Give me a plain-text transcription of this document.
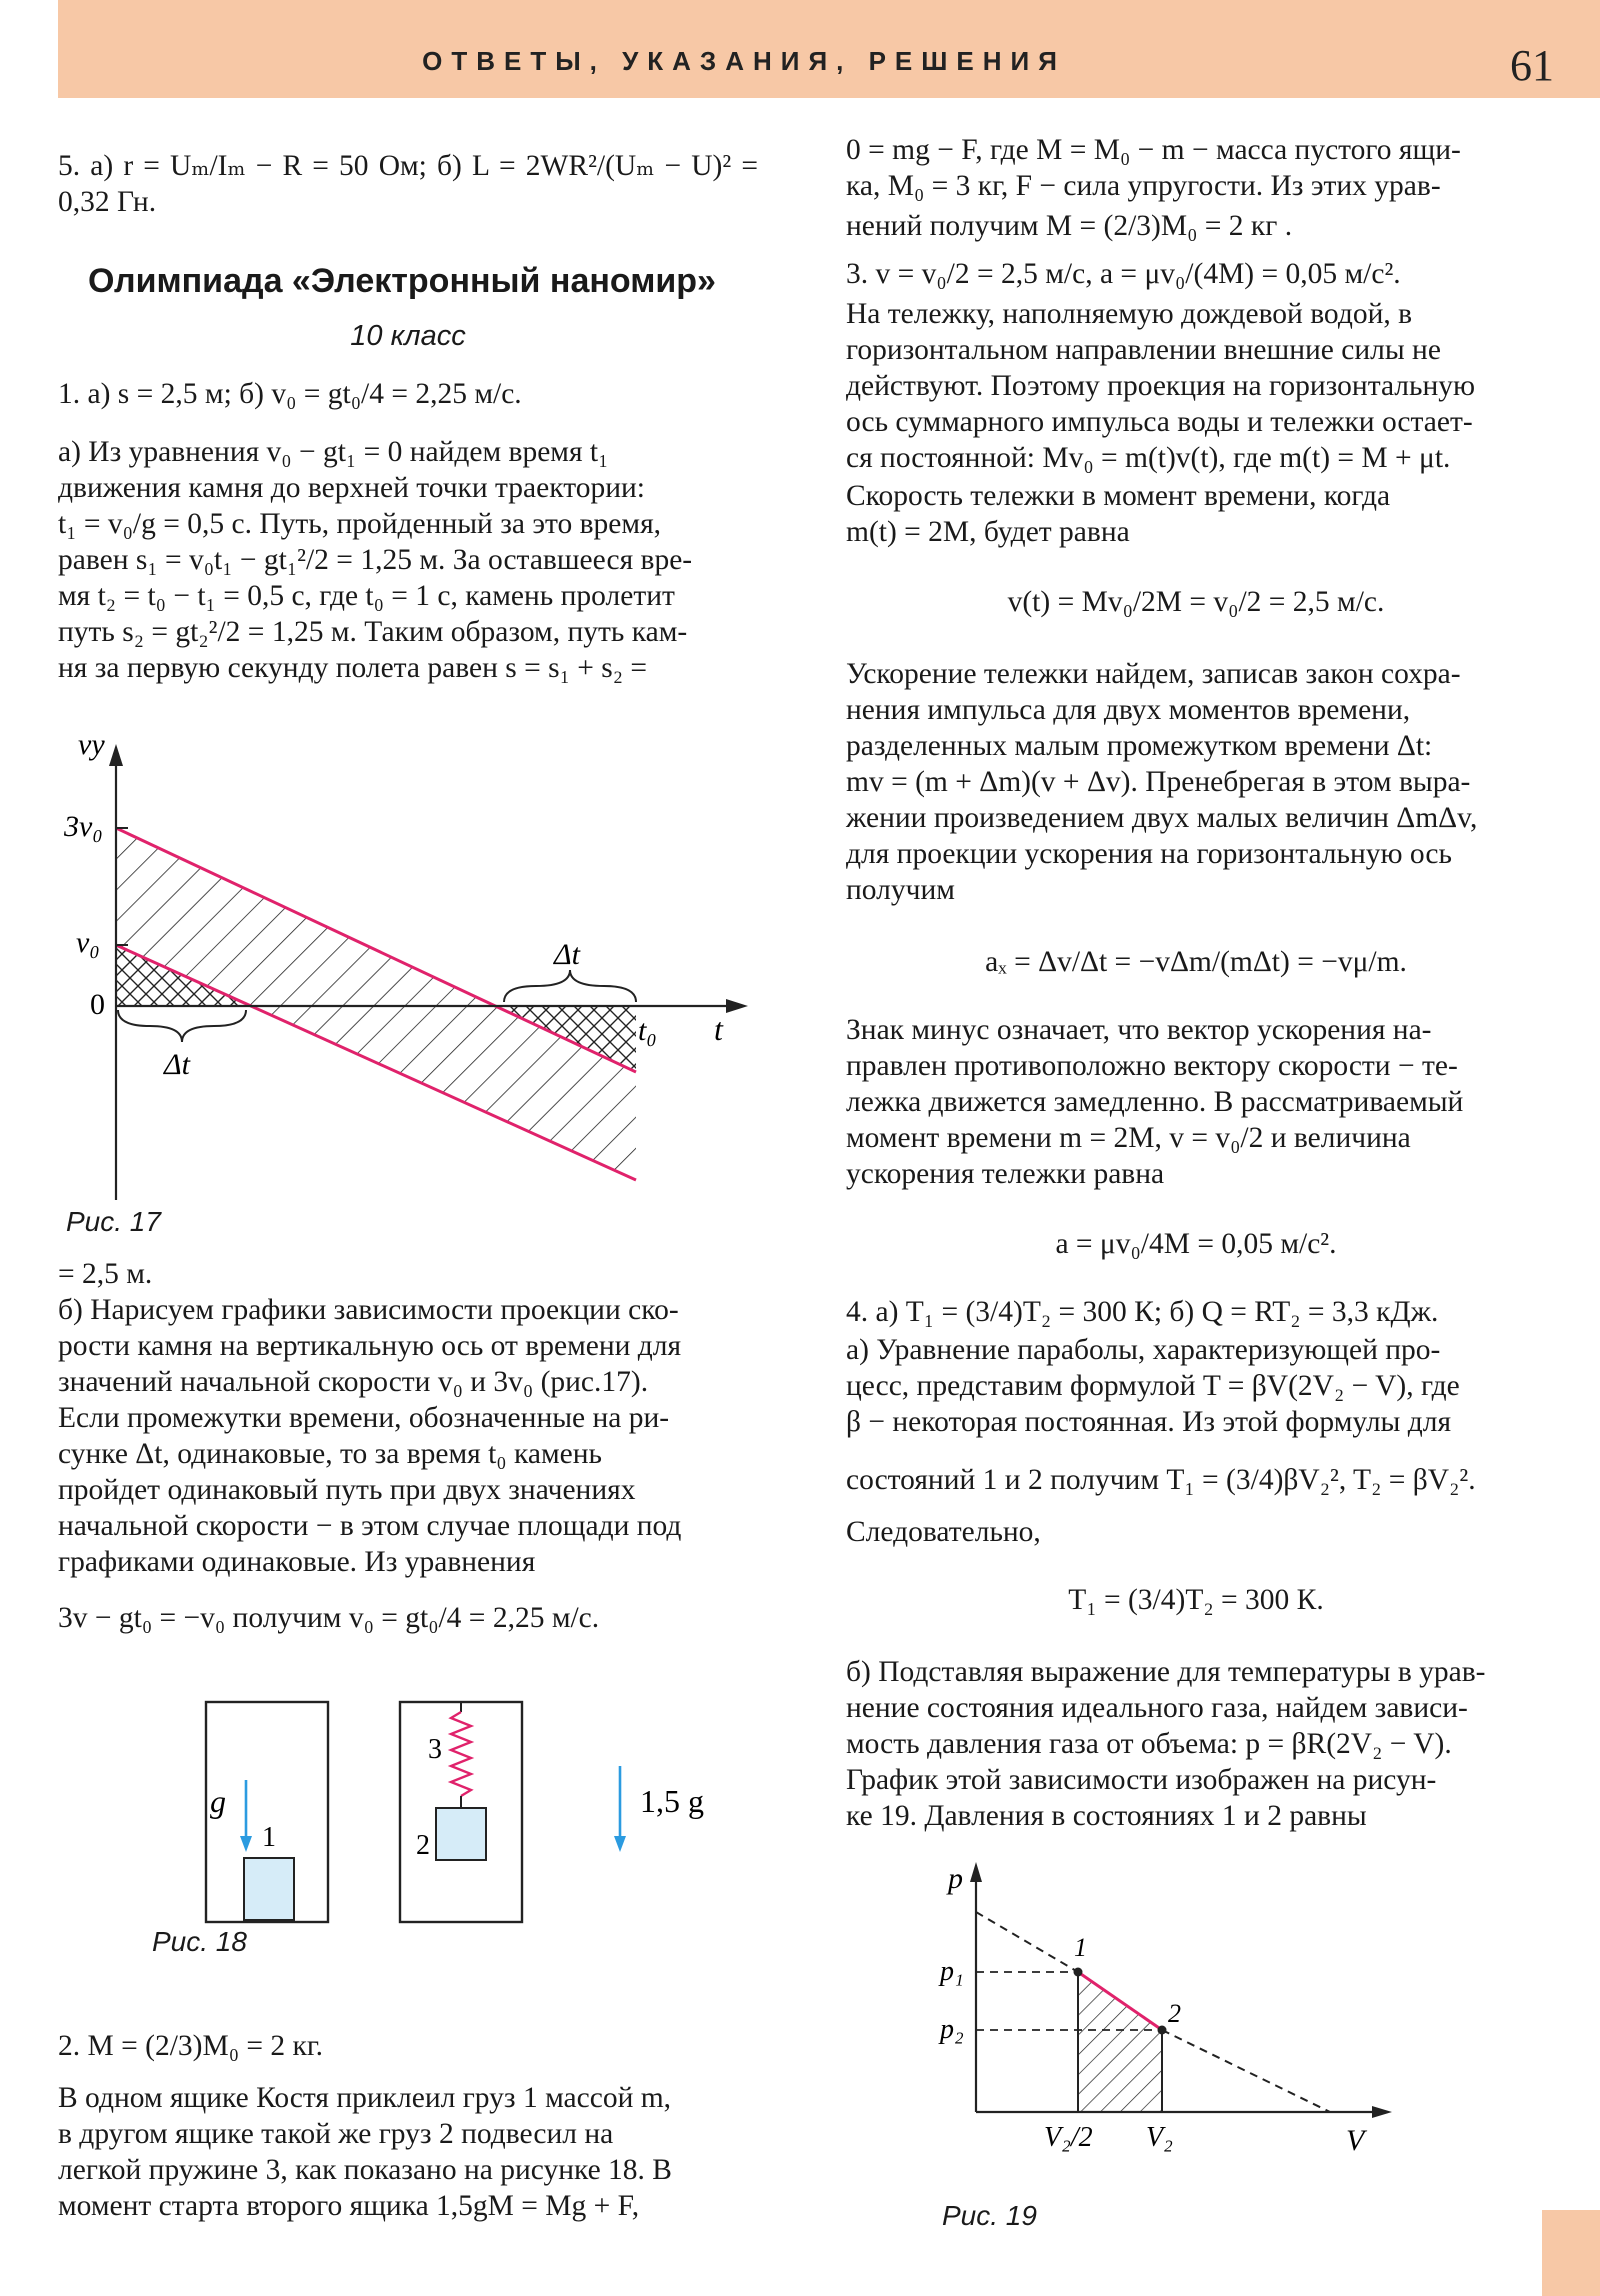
ОТВЕТЫ, УКАЗАНИЯ, РЕШЕНИЯ	61

5. а) r = Uₘ/Iₘ − R = 50 Ом; б) L = 2WR²/(Uₘ − U)² = 0,32 Гн.

Олимпиада «Электронный наномир»
10 класс

1. а) s = 2,5 м; б) v₀ = gt₀/4 = 2,25 м/с.

а) Из уравнения v₀ − gt₁ = 0 найдем время t₁

движения камня до верхней точки траектории:

t₁ = v₀/g = 0,5 с. Путь, пройденный за это время,

равен s₁ = v₀t₁ − gt₁²/2 = 1,25 м. За оставшееся вре-

мя t₂ = t₀ − t₁ = 0,5 с, где t₀ = 1 с, камень пролетит

путь s₂ = gt₂²/2 = 1,25 м. Таким образом, путь кам-

ня за первую секунду полета равен s = s₁ + s₂ =

vy
3v₀
v₀
0
t₀ t
Δt
Δt
Рис. 17

= 2,5 м.

б) Нарисуем графики зависимости проекции ско-

рости камня на вертикальную ось от времени для

значений начальной скорости v₀ и 3v₀ (рис.17).

Если промежутки времени, обозначенные на ри-

сунке Δt, одинаковые, то за время t₀ камень

пройдет одинаковый путь при двух значениях

начальной скорости − в этом случае площади под

графиками одинаковые. Из уравнения

3v − gt₀ = −v₀ получим v₀ = gt₀/4 = 2,25 м/с.

g	1,5 g
1	2
3
Рис. 18

2. M = (2/3)M₀ = 2 кг.

В одном ящике Костя приклеил груз 1 массой m,

в другом ящике такой же груз 2 подвесил на

легкой пружине 3, как показано на рисунке 18. В

момент старта второго ящика 1,5gM = Mg + F,

0 = mg − F, где M = M₀ − m − масса пустого ящи-

ка, M₀ = 3 кг, F − сила упругости. Из этих урав-

нений получим M = (2/3)M₀ = 2 кг .

3. v = v₀/2 = 2,5 м/с, a = μv₀/(4M) = 0,05 м/с².

На тележку, наполняемую дождевой водой, в

горизонтальном направлении внешние силы не

действуют. Поэтому проекция на горизонтальную

ось суммарного импульса воды и тележки остает-

ся постоянной: Mv₀ = m(t)v(t), где m(t) = M + μt.

Скорость тележки в момент времени, когда

m(t) = 2M, будет равна

v(t) = Mv₀/2M = v₀/2 = 2,5 м/с.

Ускорение тележки найдем, записав закон сохра-

нения импульса для двух моментов времени,

разделенных малым промежутком времени Δt:

mv = (m + Δm)(v + Δv). Пренебрегая в этом выра-

жении произведением двух малых величин ΔmΔv,

для проекции ускорения на горизонтальную ось

получим

aₓ = Δv/Δt = −vΔm/(mΔt) = −vμ/m.

Знак минус означает, что вектор ускорения на-

правлен противоположно вектору скорости − те-

лежка движется замедленно. В рассматриваемый

момент времени m = 2M, v = v₀/2 и величина

ускорения тележки равна

a = μv₀/4M = 0,05 м/с².

4. а) T₁ = (3/4)T₂ = 300 К; б) Q = RT₂ = 3,3 кДж.

а) Уравнение параболы, характеризующей про-

цесс, представим формулой T = βV(2V₂ − V), где

β − некоторая постоянная. Из этой формулы для

состояний 1 и 2 получим T₁ = (3/4)βV₂², T₂ = βV₂².

Следовательно,

T₁ = (3/4)T₂ = 300 К.

б) Подставляя выражение для температуры в урав-

нение состояния идеального газа, найдем зависи-

мость давления газа от объема: p = βR(2V₂ − V).

График этой зависимости изображен на рисун-

ке 19. Давления в состояниях 1 и 2 равны

p
V
p₁
p₂
V₂/2 V₂
1
2
Рис. 19
